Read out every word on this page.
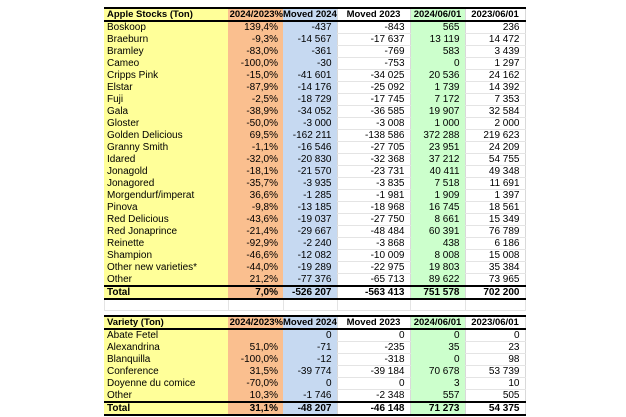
Apple Stocks (Ton)	2024/2023%	Moved 2024	Moved 2023	2024/06/01	2023/06/01
Boskoop	139,4%	-437	-843	565	236
Braeburn	-9,3%	-14 567	-17 637	13 119	14 472
Bramley	-83,0%	-361	-769	583	3 439
Cameo	-100,0%	-30	-753	0	1 297
Cripps Pink	-15,0%	-41 601	-34 025	20 536	24 162
Elstar	-87,9%	-14 176	-25 092	1 739	14 392
Fuji	-2,5%	-18 729	-17 745	7 172	7 353
Gala	-38,9%	-34 052	-36 585	19 907	32 584
Gloster	-50,0%	-3 000	-3 008	1 000	2 000
Golden Delicious	69,5%	-162 211	-138 586	372 288	219 623
Granny Smith	-1,1%	-16 546	-27 705	23 951	24 209
Idared	-32,0%	-20 830	-32 368	37 212	54 755
Jonagold	-18,1%	-21 570	-23 731	40 411	49 348
Jonagored	-35,7%	-3 935	-3 835	7 518	11 691
Morgendurf/imperat	36,6%	-1 285	-1 981	1 909	1 397
Pinova	-9,8%	-13 185	-18 968	16 745	18 561
Red Delicious	-43,6%	-19 037	-27 750	8 661	15 349
Red Jonaprince	-21,4%	-29 667	-48 484	60 391	76 789
Reinette	-92,9%	-2 240	-3 868	438	6 186
Shampion	-46,6%	-12 082	-10 009	8 008	15 008
Other new varieties*	-44,0%	-19 289	-22 975	19 803	35 384
Other	21,2%	-77 376	-65 713	89 622	73 965
Total	7,0%	-526 207	-563 413	751 578	702 200

Variety (Ton)	2024/2023%	Moved 2024	Moved 2023	2024/06/01	2023/06/01
Abate Fetel		0	0	0	0
Alexandrina	51,0%	-71	-235	35	23
Blanquilla	-100,0%	-12	-318	0	98
Conference	31,5%	-39 774	-39 184	70 678	53 739
Doyenne du comice	-70,0%	0	0	3	10
Other	10,3%	-1 746	-2 348	557	505
Total	31,1%	-48 207	-46 148	71 273	54 375
